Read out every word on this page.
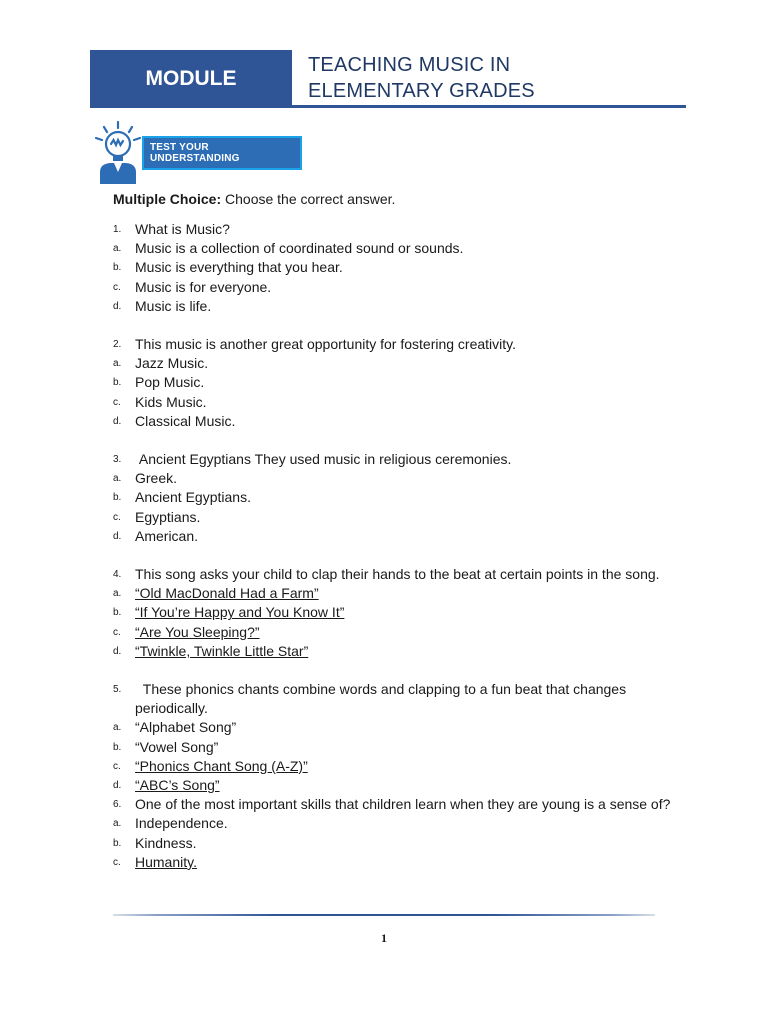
MODULE
TEACHING MUSIC IN
ELEMENTARY GRADES
TEST YOUR UNDERSTANDING
Multiple Choice: Choose the correct answer.
1. What is Music?
a. Music is a collection of coordinated sound or sounds.
b. Music is everything that you hear.
c.	Music is for everyone.
d. Music is life.
2. This music is another great opportunity for fostering creativity.
a. Jazz Music.
b. Pop Music.
c.	Kids Music.
d. Classical Music.
3. Ancient Egyptians They used music in religious ceremonies.
a. Greek.
b. Ancient Egyptians.
c.	Egyptians.
d. American.
4. This song asks your child to clap their hands to the beat at certain points in the song.
a. “Old MacDonald Had a Farm”
b. “If You’re Happy and You Know It”
c.	“Are You Sleeping?”
d. “Twinkle, Twinkle Little Star”
5. These phonics chants combine words and clapping to a fun beat that changes periodically.
a. “Alphabet Song”
b. “Vowel Song”
c.	“Phonics Chant Song (A-Z)”
d. “ABC’s Song”
6. One of the most important skills that children learn when they are young is a sense of?
a. Independence.
b. Kindness.
c.	Humanity.
1
